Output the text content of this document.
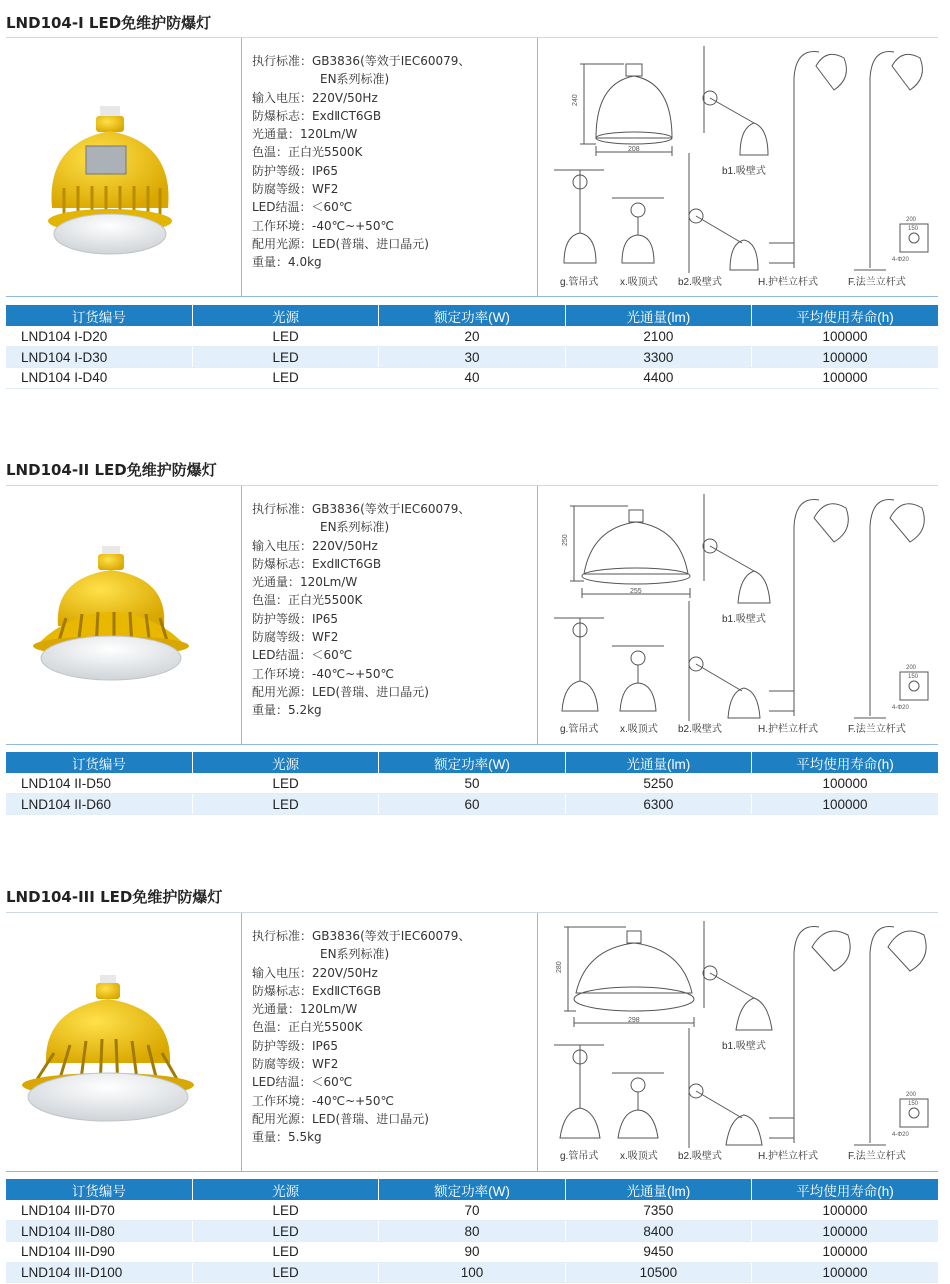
LND104-I LED免维护防爆灯
执行标准：GB3836(等效于IEC60079、
EN系列标准)
输入电压：220V/50Hz
防爆标志：ExdⅡCT6GB
光通量：120Lm/W
色温：正白光5500K
防护等级：IP65
防腐等级：WF2
LED结温：＜60℃
工作环境：-40℃~+50℃
配用光源：LED(普瑞、进口晶元)
重量：4.0kg
240
208
200
150
4-Φ20
g.管吊式 x.吸顶式
b1.吸壁式
b2.吸壁式	H.护栏立杆式	F.法兰立杆式
订货编号	光源	额定功率(W)	光通量(lm)	平均使用寿命(h)
LND104 I-D20	LED	20	2100	100000
LND104 I-D30	LED	30	3300	100000
LND104 I-D40	LED	40	4400	100000
LND104-II LED免维护防爆灯
执行标准：GB3836(等效于IEC60079、
EN系列标准)
输入电压：220V/50Hz
防爆标志：ExdⅡCT6GB
光通量：120Lm/W
色温：正白光5500K
防护等级：IP65
防腐等级：WF2
LED结温：＜60℃
工作环境：-40℃~+50℃
配用光源：LED(普瑞、进口晶元)
重量：5.2kg
250
255
200
150
4-Φ20
g.管吊式 x.吸顶式
b1.吸壁式
b2.吸壁式	H.护栏立杆式	F.法兰立杆式
订货编号	光源	额定功率(W)	光通量(lm)	平均使用寿命(h)
LND104 II-D50	LED	50	5250	100000
LND104 II-D60	LED	60	6300	100000
LND104-III LED免维护防爆灯
执行标准：GB3836(等效于IEC60079、
EN系列标准)
输入电压：220V/50Hz
防爆标志：ExdⅡCT6GB
光通量：120Lm/W
色温：正白光5500K
防护等级：IP65
防腐等级：WF2
LED结温：＜60℃
工作环境：-40℃~+50℃
配用光源：LED(普瑞、进口晶元)
重量：5.5kg
280
298
200
150
4-Φ20
g.管吊式 x.吸顶式
b1.吸壁式
b2.吸壁式	H.护栏立杆式	F.法兰立杆式
订货编号	光源	额定功率(W)	光通量(lm)	平均使用寿命(h)
LND104 III-D70	LED	70	7350	100000
LND104 III-D80	LED	80	8400	100000
LND104 III-D90	LED	90	9450	100000
LND104 III-D100	LED	100	10500	100000
